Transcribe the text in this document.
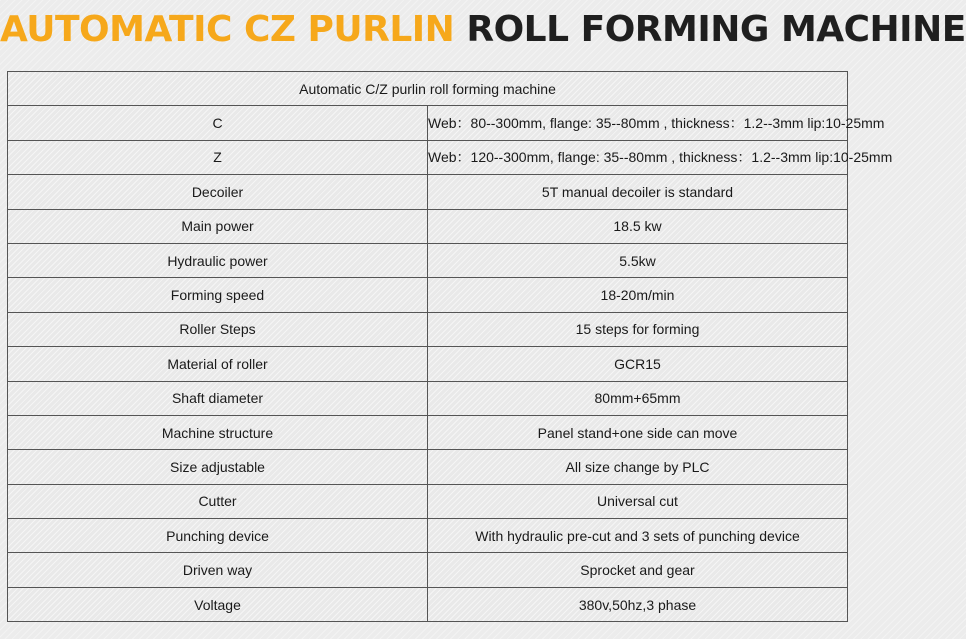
AUTOMATIC CZ PURLIN ROLL FORMING MACHINE
Automatic C/Z purlin roll forming machine	
C	Web：80--300mm, flange: 35--80mm , thickness：1.2--3mm lip:10-25mm
Z	Web：120--300mm, flange: 35--80mm , thickness：1.2--3mm lip:10-25mm
Decoiler	5T manual decoiler is standard
Main power	18.5 kw
Hydraulic power	5.5kw
Forming speed	18-20m/min
Roller Steps	15 steps for forming
Material of roller	GCR15
Shaft diameter	80mm+65mm
Machine structure	Panel stand+one side can move
Size adjustable	All size change by PLC
Cutter	Universal cut
Punching device	With hydraulic pre-cut and 3 sets of punching device
Driven way	Sprocket and gear
Voltage	380v,50hz,3 phase
